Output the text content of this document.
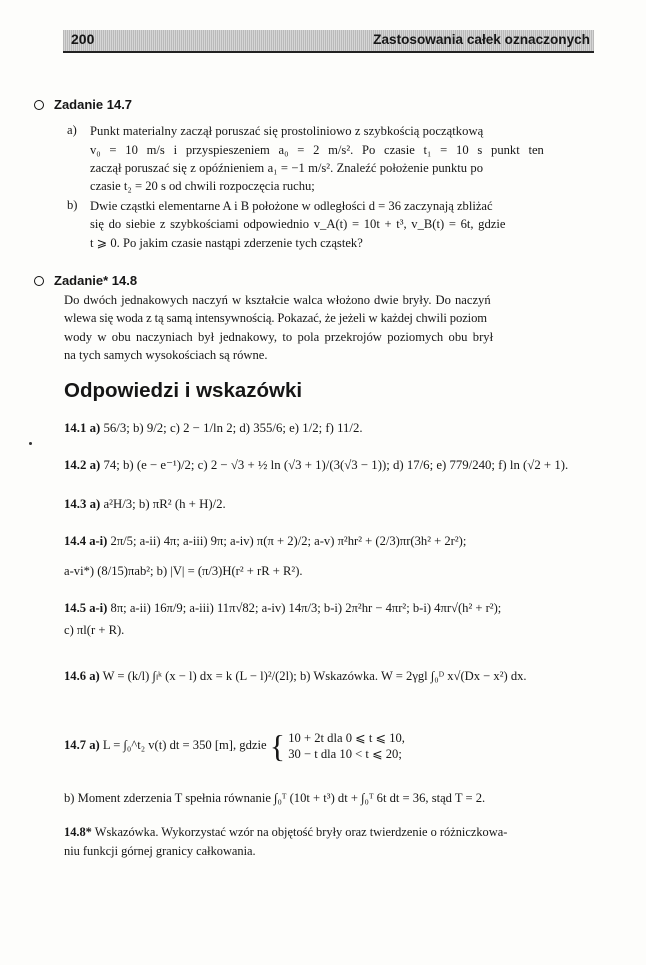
200	Zastosowania całek oznaczonych
Zadanie 14.7
a) Punkt materialny zaczął poruszać się prostoliniowo z szybkością początkową
v₀ = 10 m/s i przyspieszeniem a₀ = 2 m/s². Po czasie t₁ = 10 s punkt ten
zaczął poruszać się z opóźnieniem a₁ = −1 m/s². Znaleźć położenie punktu po
czasie t₂ = 20 s od chwili rozpoczęcia ruchu;
b) Dwie cząstki elementarne A i B położone w odległości d = 36 zaczynają zbliżać
się do siebie z szybkościami odpowiednio v_A(t) = 10t + t³, v_B(t) = 6t, gdzie
t ⩾ 0. Po jakim czasie nastąpi zderzenie tych cząstek?
Zadanie* 14.8
Do dwóch jednakowych naczyń w kształcie walca włożono dwie bryły. Do naczyń
wlewa się woda z tą samą intensywnością. Pokazać, że jeżeli w każdej chwili poziom
wody w obu naczyniach był jednakowy, to pola przekrojów poziomych obu brył
na tych samych wysokościach są równe.
Odpowiedzi i wskazówki
14.1 a) 56/3; b) 9/2; c) 2 − 1/ln 2; d) 355/6; e) 1/2; f) 11/2.
14.2 a) 74; b) (e − e⁻¹)/2; c) 2 − √3 + ½ ln (√3 + 1)/(3(√3 − 1)); d) 17/6; e) 779/240; f) ln (√2 + 1).
14.3 a) a²H/3; b) πR² (h + H)/2.
14.4 a-i) 2π/5; a-ii) 4π; a-iii) 9π; a-iv) π(π + 2)/2; a-v) π²hr² + (2/3)πr(3h² + 2r²);
a-vi*) (8/15)πab²; b) |V| = (π/3)H(r² + rR + R²).
14.5 a-i) 8π; a-ii) 16π/9; a-iii) 11π√82; a-iv) 14π/3; b-i) 2π²hr − 4πr²; b-i) 4πr√(h² + r²);
c) πl(r + R).
14.6 a) W = (k/l) ∫ₗᵏ (x − l) dx = k (L − l)²/(2l); b) Wskazówka. W = 2γgl ∫₀ᴰ x√(Dx − x²) dx.
14.7 a) L = ∫₀^t₂ v(t) dt = 350 [m], gdzie { 10 + 2t dla 0 ⩽ t ⩽ 10,
30 − t dla 10 < t ⩽ 20;
b) Moment zderzenia T spełnia równanie ∫₀ᵀ (10t + t³) dt + ∫₀ᵀ 6t dt = 36, stąd T = 2.
14.8* Wskazówka. Wykorzystać wzór na objętość bryły oraz twierdzenie o różniczkowa-
niu funkcji górnej granicy całkowania.
